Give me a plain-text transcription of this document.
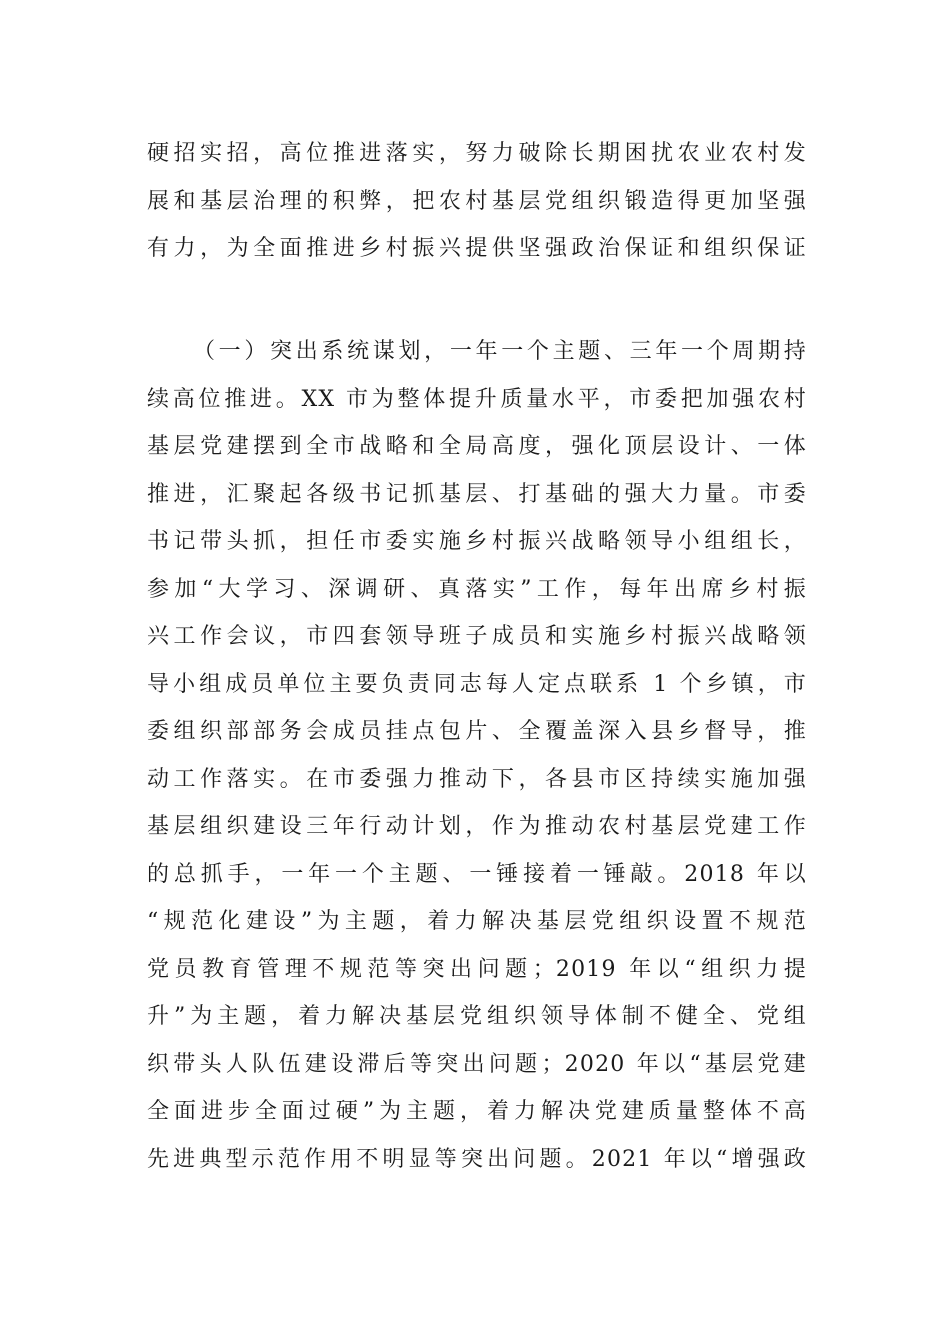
硬招实招，高位推进落实，努力破除长期困扰农业农村发
展和基层治理的积弊，把农村基层党组织锻造得更加坚强
有力，为全面推进乡村振兴提供坚强政治保证和组织保证
（一）突出系统谋划，一年一个主题、三年一个周期持
续高位推进。XX 市为整体提升质量水平，市委把加强农村
基层党建摆到全市战略和全局高度，强化顶层设计、一体
推进，汇聚起各级书记抓基层、打基础的强大力量。市委
书记带头抓，担任市委实施乡村振兴战略领导小组组长，
参加“大学习、深调研、真落实”工作，每年出席乡村振
兴工作会议，市四套领导班子成员和实施乡村振兴战略领
导小组成员单位主要负责同志每人定点联系 1 个乡镇，市
委组织部部务会成员挂点包片、全覆盖深入县乡督导，推
动工作落实。在市委强力推动下，各县市区持续实施加强
基层组织建设三年行动计划，作为推动农村基层党建工作
的总抓手，一年一个主题、一锤接着一锤敲。2018 年以
“规范化建设”为主题，着力解决基层党组织设置不规范
党员教育管理不规范等突出问题；2019 年以“组织力提
升”为主题，着力解决基层党组织领导体制不健全、党组
织带头人队伍建设滞后等突出问题；2020 年以“基层党建
全面进步全面过硬”为主题，着力解决党建质量整体不高
先进典型示范作用不明显等突出问题。2021 年以“增强政
